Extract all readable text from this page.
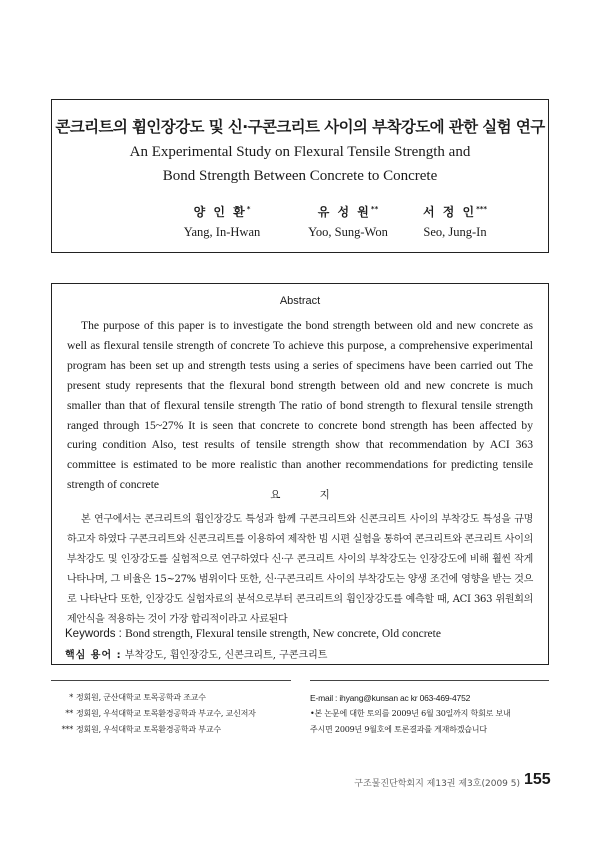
콘크리트의 휨인장강도 및 신·구콘크리트 사이의 부착강도에 관한 실험 연구
An Experimental Study on Flexural Tensile Strength and
Bond Strength Between Concrete to Concrete
양 인 환*
Yang, In-Hwan
유 성 원**
Yoo, Sung-Won
서 정 인***
Seo, Jung-In
Abstract

The purpose of this paper is to investigate the bond strength between old and new concrete as well as flexural tensile strength of concrete To achieve this purpose, a comprehensive experimental program has been set up and strength tests using a series of specimens have been carried out The present study represents that the flexural bond strength between old and new concrete is much smaller than that of flexural tensile strength The ratio of bond strength to flexural tensile strength ranged through 15~27% It is seen that concrete to concrete bond strength has been affected by curing condition Also, test results of tensile strength show that recommendation by ACI 363 committee is estimated to be more realistic than another recommendations for predicting tensile strength of concrete

요 지

본 연구에서는 콘크리트의 휨인장강도 특성과 함께 구콘크리트와 신콘크리트 사이의 부착강도 특성을 규명하고자 하였다 구콘크리트와 신콘크리트를 이용하여 제작한 빔 시편 실험을 통하여 콘크리트와 콘크리트 사이의 부착강도 및 인장강도를 실험적으로 연구하였다 신·구 콘크리트 사이의 부착강도는 인장강도에 비해 훨씬 작게 나타나며, 그 비율은 15~27% 범위이다 또한, 신·구콘크리트 사이의 부착강도는 양생 조건에 영향을 받는 것으로 나타난다 또한, 인장강도 실험자료의 분석으로부터 콘크리트의 휨인장강도를 예측할 때, ACI 363 위원회의 제안식을 적용하는 것이 가장 합리적이라고 사료된다

Keywords : Bond strength, Flexural tensile strength, New concrete, Old concrete
핵심 용어 : 부착강도, 휨인장강도, 신콘크리트, 구콘크리트
* 정회원, 군산대학교 토목공학과 조교수
** 정회원, 우석대학교 토목환경공학과 부교수, 교신저자
*** 정회원, 우석대학교 토목환경공학과 부교수
E-mail : ihyang@kunsan ac kr 063-469-4752
•본 논문에 대한 토의를 2009년 6월 30일까지 학회로 보내
주시면 2009년 9월호에 토론결과를 게재하겠습니다
구조물진단학회지 제13권 제3호(2009 5) 155
